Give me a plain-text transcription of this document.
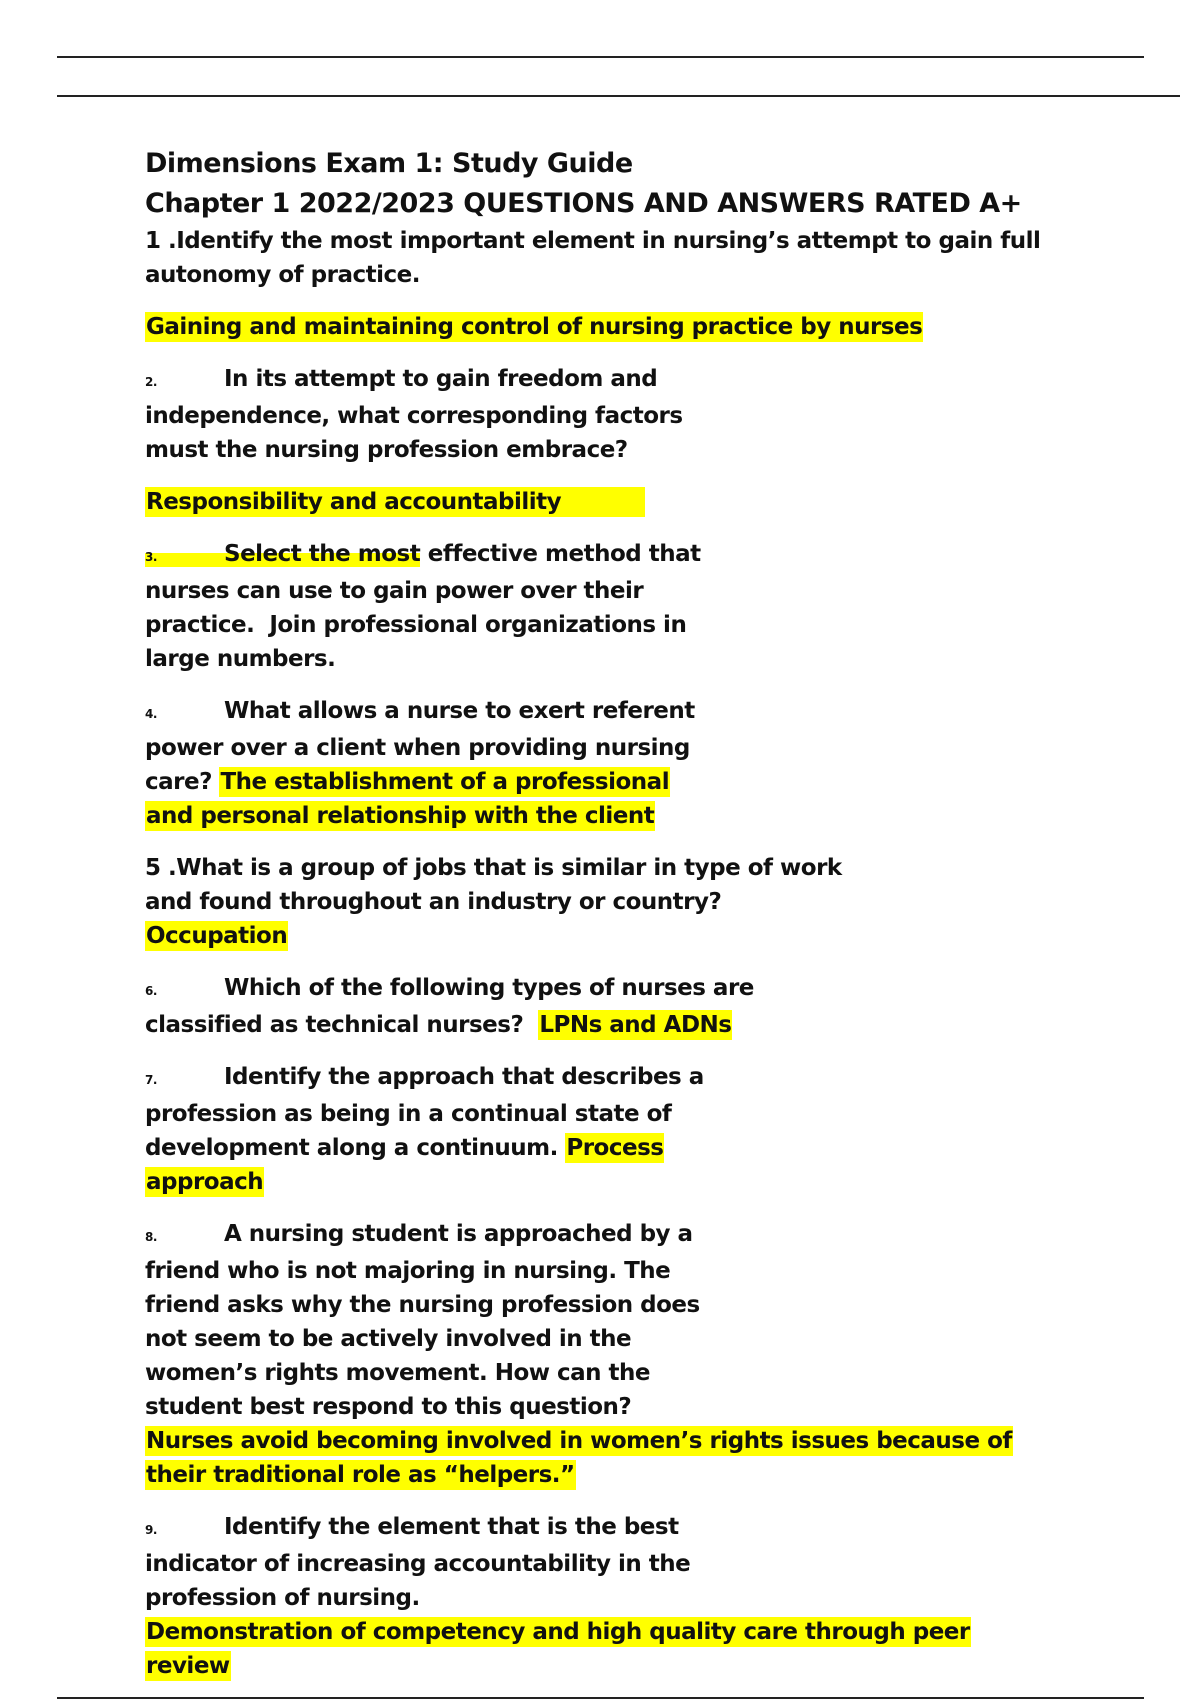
Dimensions Exam 1: Study Guide

Chapter 1 2022/2023 QUESTIONS AND ANSWERS RATED A+

1 .Identify the most important element in nursing’s attempt to gain full autonomy of practice.

Gaining and maintaining control of nursing practice by nurses

2.	In its attempt to gain freedom and independence, what corresponding factors must the nursing profession embrace?

Responsibility and accountability

3.	Select the most effective method that nurses can use to gain power over their practice. Join professional organizations in large numbers.

4.	What allows a nurse to exert referent power over a client when providing nursing care? The establishment of a professional and personal relationship with the client

5 .What is a group of jobs that is similar in type of work and found throughout an industry or country?
Occupation

6.	Which of the following types of nurses are classified as technical nurses? LPNs and ADNs

7.	Identify the approach that describes a profession as being in a continual state of development along a continuum. Process approach

8.	A nursing student is approached by a friend who is not majoring in nursing. The friend asks why the nursing profession does not seem to be actively involved in the women’s rights movement. How can the student best respond to this question?

Nurses avoid becoming involved in women’s rights issues because of their traditional role as “helpers.”

9.	Identify the element that is the best indicator of increasing accountability in the profession of nursing.

Demonstration of competency and high quality care through peer review
